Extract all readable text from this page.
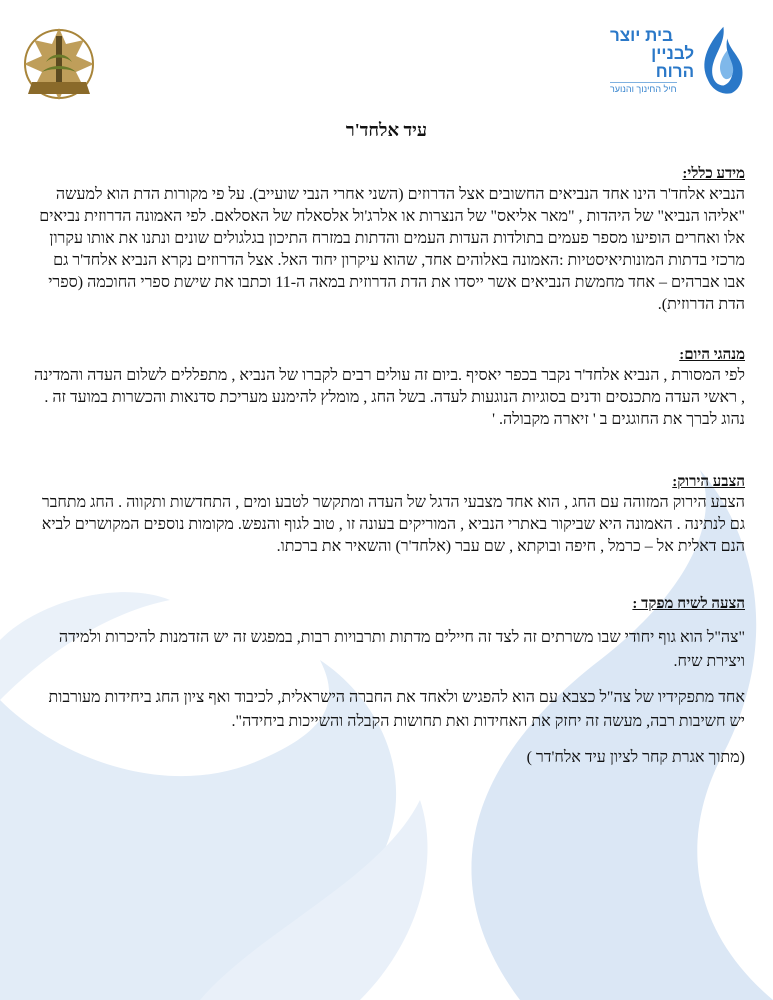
בית יוצר
לבניין הרוח
חיל החינוך והנוער
עיד אלחד'ר
מידע כללי:

הנביא אלחד'ר הינו אחד הנביאים החשובים אצל הדרוזים (השני אחרי הנבי שועייב). על פי מקורות הדת הוא למעשה "אליהו הנביא" של היהדות , "מאר אליאס" של הנצרות או אלרג'ול אלסאלח של האסלאם. לפי האמונה הדרוזית נביאים אלו ואחרים הופיעו מספר פעמים בתולדות העדות העמים והדתות במזרח התיכון בגלגולים שונים ונתנו את אותו עקרון מרכזי בדתות המונותיאיסטיות :האמונה באלוהים אחד, שהוא עיקרון יחוד האל. אצל הדרוזים נקרא הנביא אלחד'ר גם אבו אברהים – אחד מחמשת הנביאים אשר ייסדו את הדת הדרוזית במאה ה-11 וכתבו את שישת ספרי החוכמה (ספרי הדת הדרוזית).

מנהגי היום:

לפי המסורת , הנביא אלחד'ר נקבר בכפר יאסיף .ביום זה עולים רבים לקברו של הנביא , מתפללים לשלום העדה והמדינה , ראשי העדה מתכנסים ודנים בסוגיות הנוגעות לעדה. בשל החג , מומלץ להימנע מעריכת סדנאות והכשרות במועד זה . נהוג לברך את החוגגים ב ' זיארה מקבולה. '

הצבע הירוק:

הצבע הירוק המזוהה עם החג , הוא אחד מצבעי הדגל של העדה ומתקשר לטבע ומים , התחדשות ותקווה . החג מתחבר גם לנתינה . האמונה היא שביקור באתרי הנביא , המוריקים בעונה זו , טוב לגוף והנפש. מקומות נוספים המקושרים לביא הנם דאלית אל – כרמל , חיפה ובוקתא , שם עבר (אלחד'ר) והשאיר את ברכתו.

הצעה לשיח מפקד :

"צה"ל הוא גוף יחודי שבו משרתים זה לצד זה חיילים מדתות ותרבויות רבות, במפגש זה יש הזדמנות להיכרות ולמידה ויצירת שיח.

אחד מתפקידיו של צה"ל כצבא עם הוא להפגיש ולאחד את החברה הישראלית, לכיבוד ואף ציון החג ביחידות מעורבות יש חשיבות רבה, מעשה זה יחזק את האחידות ואת תחושות הקבלה והשייכות ביחידה".

(מתוך אגרת קחר לציון עיד אלח'דר )
